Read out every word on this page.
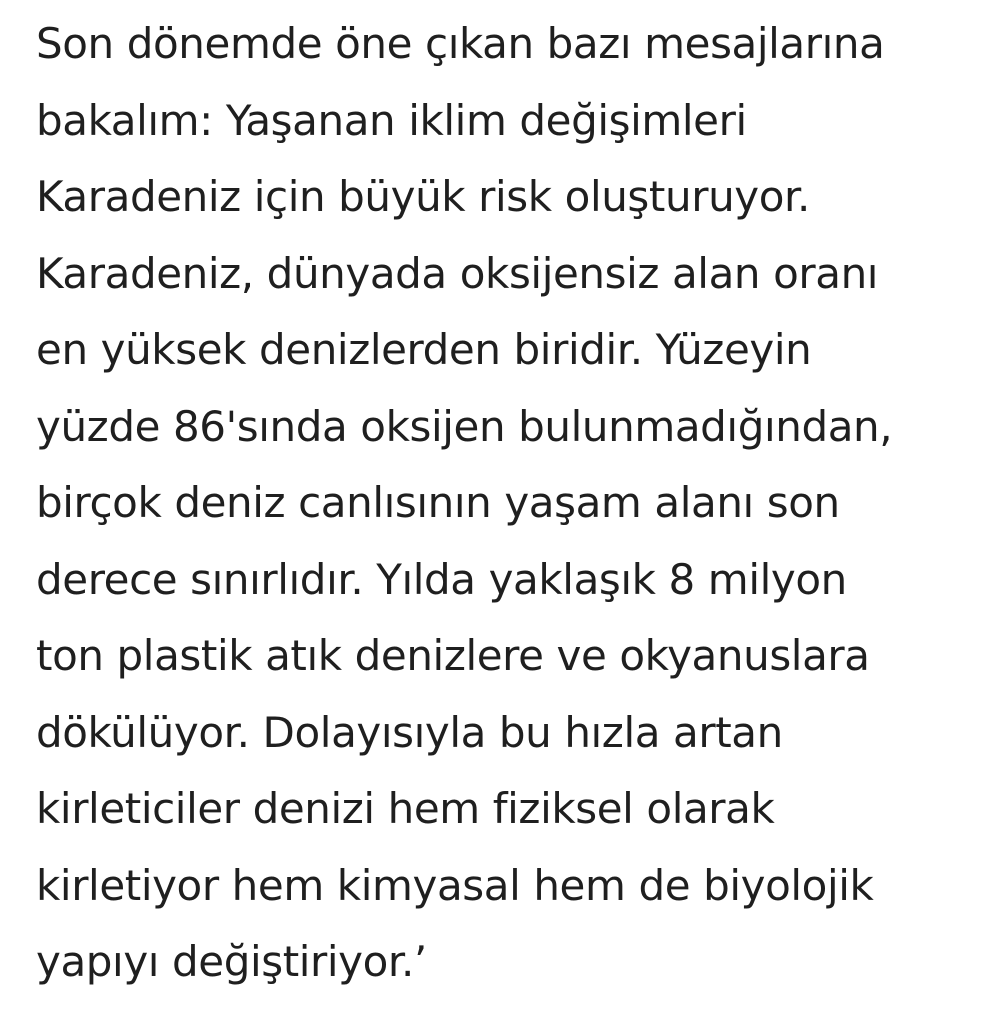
Son dönemde öne çıkan bazı mesajlarına
bakalım: Yaşanan iklim değişimleri
Karadeniz için büyük risk oluşturuyor.
Karadeniz, dünyada oksijensiz alan oranı
en yüksek denizlerden biridir. Yüzeyin
yüzde 86'sında oksijen bulunmadığından,
birçok deniz canlısının yaşam alanı son
derece sınırlıdır. Yılda yaklaşık 8 milyon
ton plastik atık denizlere ve okyanuslara
dökülüyor. Dolayısıyla bu hızla artan
kirleticiler denizi hem fiziksel olarak
kirletiyor hem kimyasal hem de biyolojik
yapıyı değiştiriyor.’
